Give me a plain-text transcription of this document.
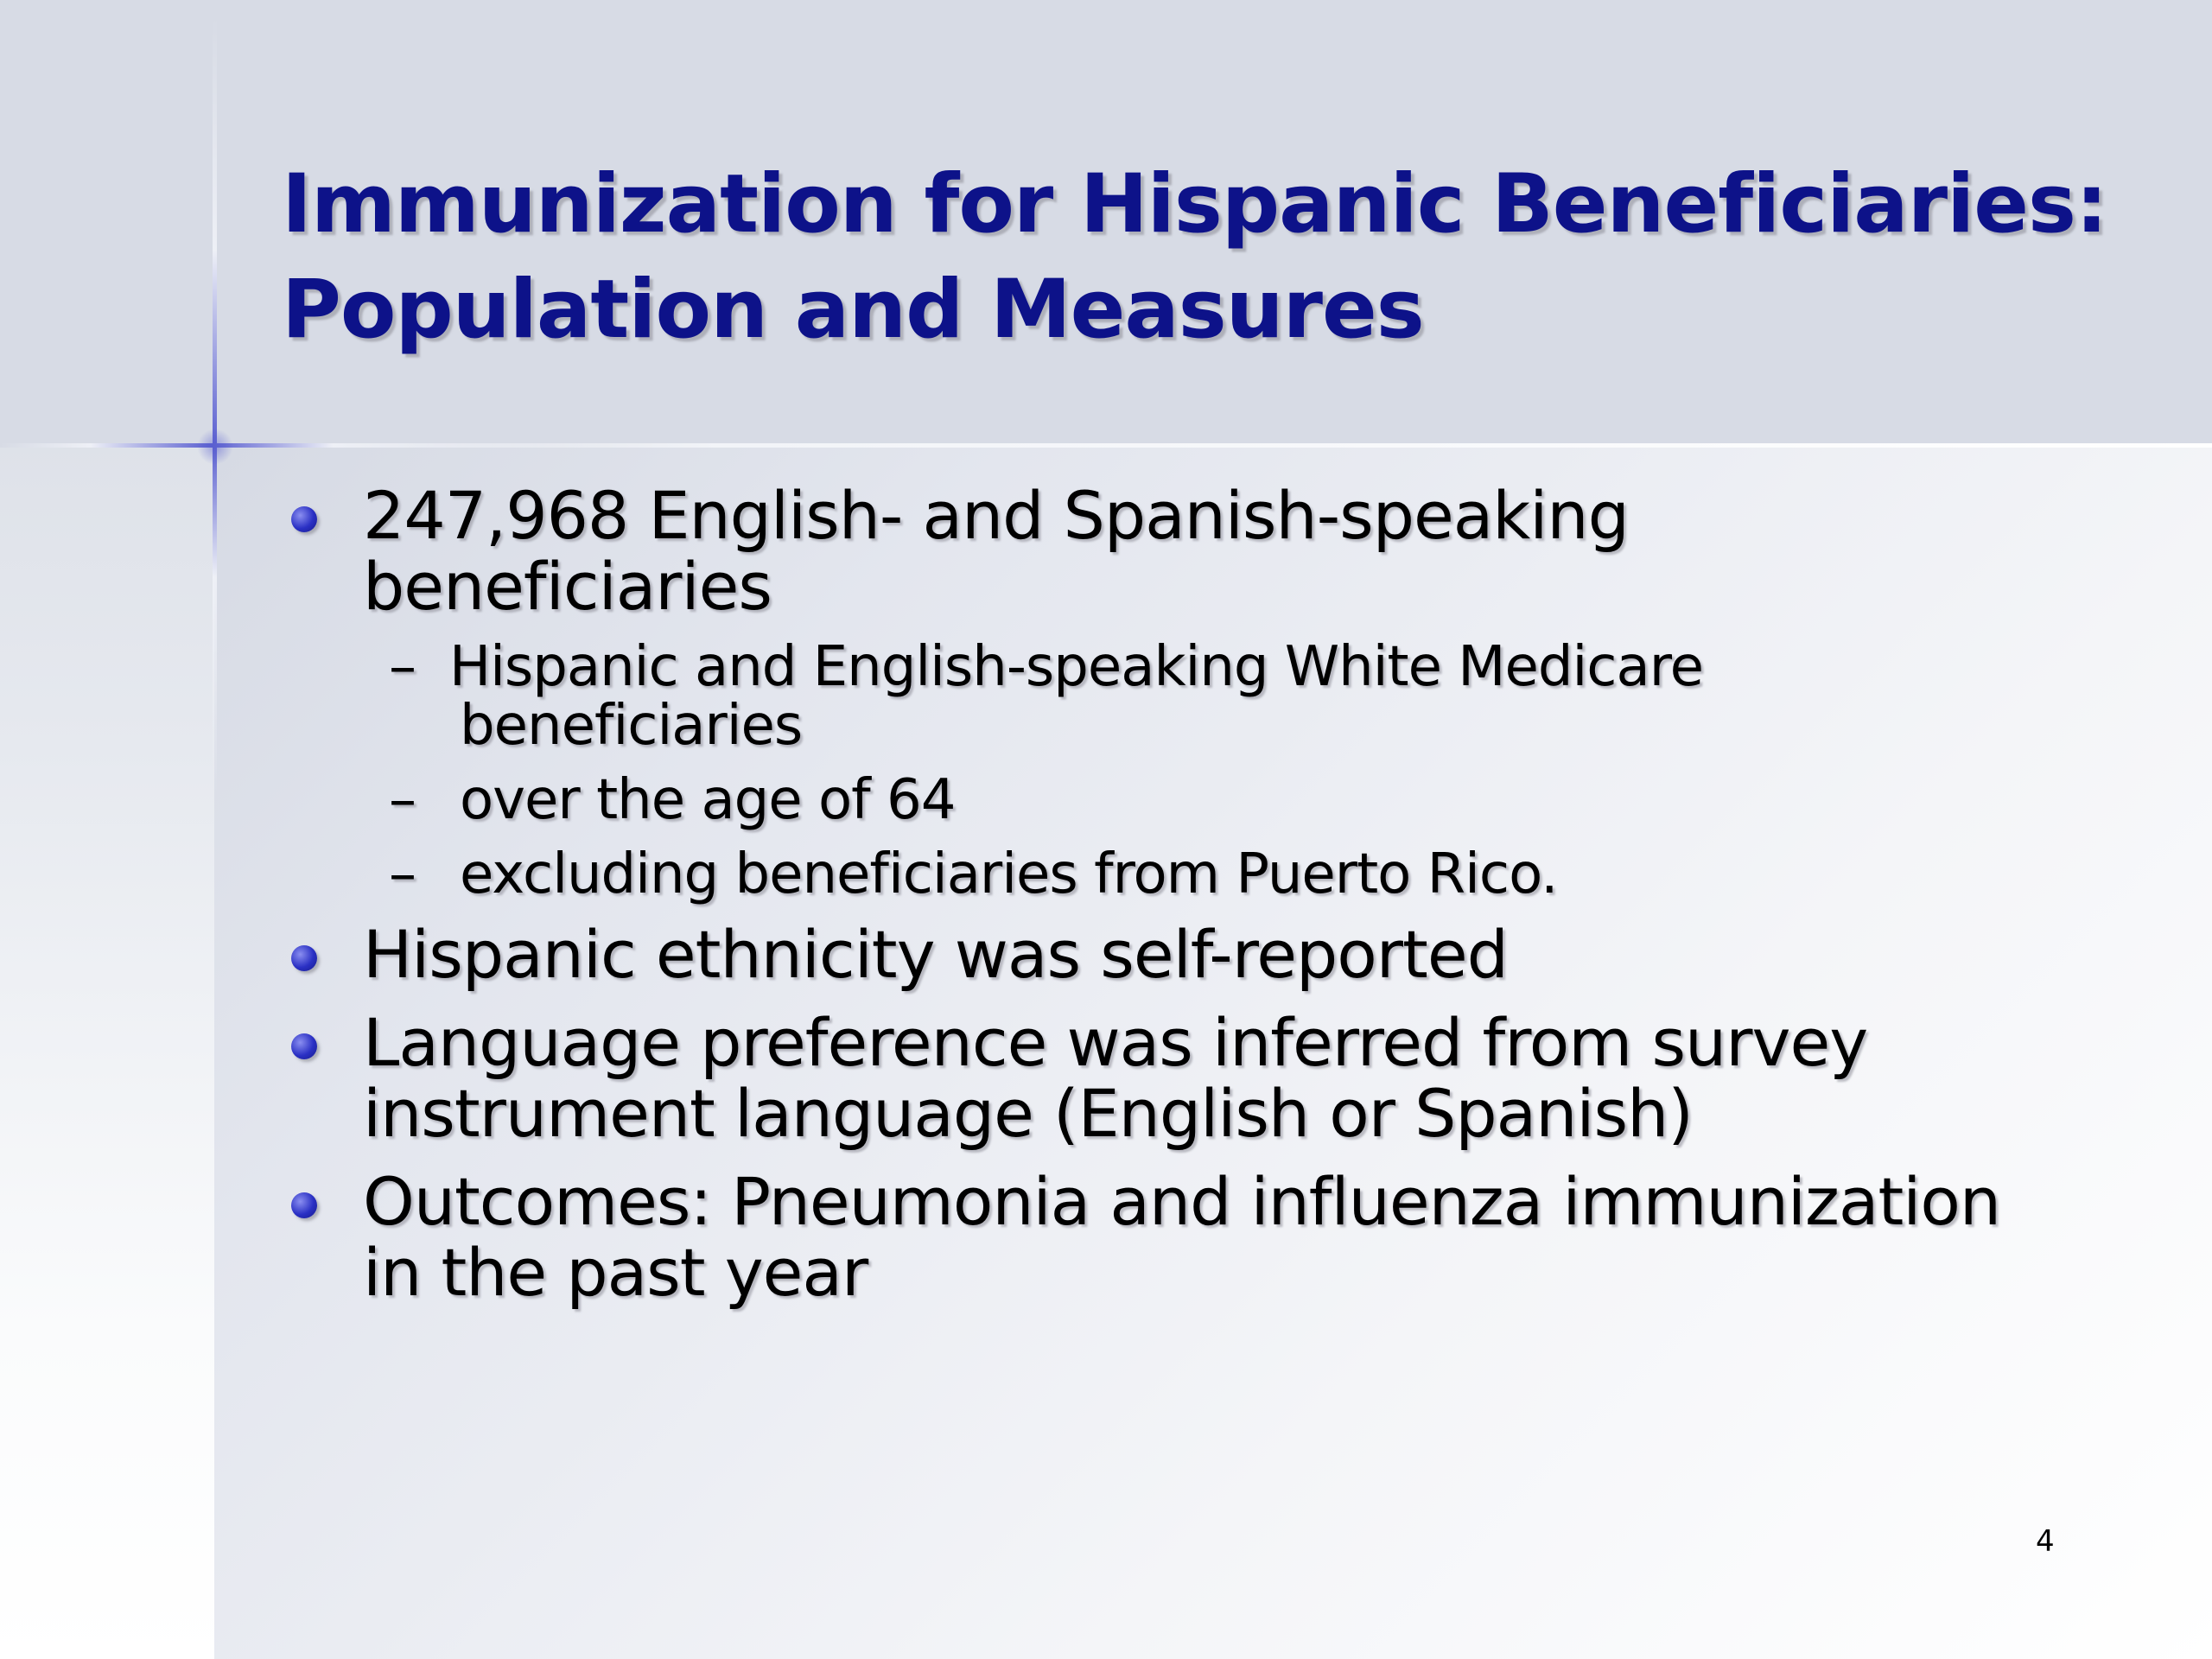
Immunization for Hispanic Beneficiaries:
Population and Measures
247,968 English- and Spanish-speaking
beneficiaries
– Hispanic and English-speaking White Medicare
beneficiaries
– over the age of 64
– excluding beneficiaries from Puerto Rico.
Hispanic ethnicity was self-reported
Language preference was inferred from survey
instrument language (English or Spanish)
Outcomes: Pneumonia and influenza immunization
in the past year
4
